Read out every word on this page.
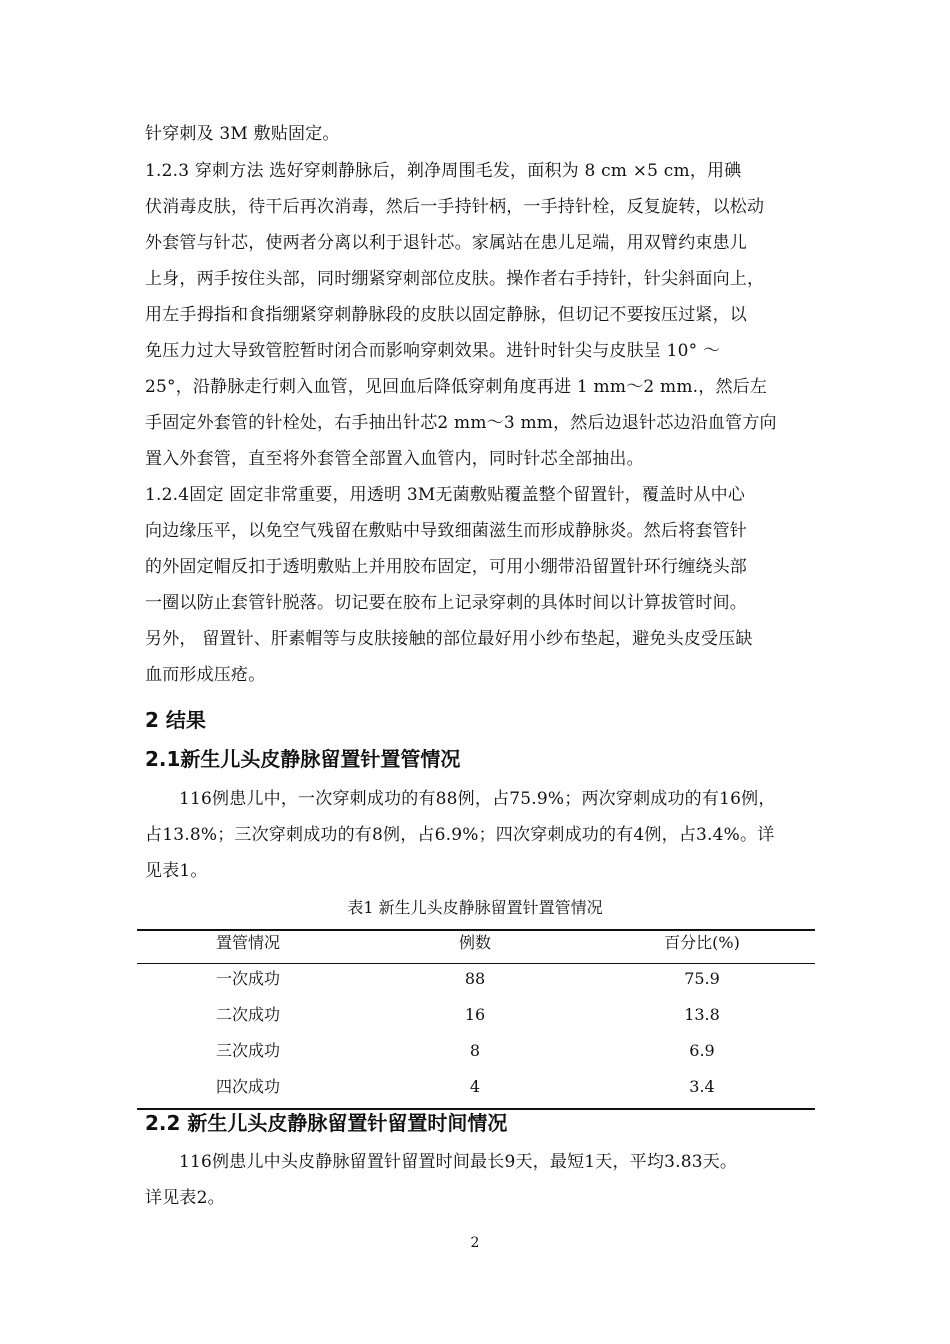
针穿刺及 3M 敷贴固定。
1.2.3 穿刺方法 选好穿刺静脉后，剃净周围毛发，面积为 8 cm ×5 cm，用碘
伏消毒皮肤，待干后再次消毒，然后一手持针柄，一手持针栓，反复旋转，以松动
外套管与针芯，使两者分离以利于退针芯。家属站在患儿足端，用双臂约束患儿
上身，两手按住头部，同时绷紧穿刺部位皮肤。操作者右手持针，针尖斜面向上，
用左手拇指和食指绷紧穿刺静脉段的皮肤以固定静脉，但切记不要按压过紧，以
免压力过大导致管腔暂时闭合而影响穿刺效果。进针时针尖与皮肤呈 10° ～
25°，沿静脉走行刺入血管，见回血后降低穿刺角度再进 1 mm～2 mm.，然后左
手固定外套管的针栓处，右手抽出针芯2 mm～3 mm，然后边退针芯边沿血管方向
置入外套管，直至将外套管全部置入血管内，同时针芯全部抽出。
1.2.4固定 固定非常重要，用透明 3M无菌敷贴覆盖整个留置针，覆盖时从中心
向边缘压平，以免空气残留在敷贴中导致细菌滋生而形成静脉炎。然后将套管针
的外固定帽反扣于透明敷贴上并用胶布固定，可用小绷带沿留置针环行缠绕头部
一圈以防止套管针脱落。切记要在胶布上记录穿刺的具体时间以计算拔管时间。
另外， 留置针、肝素帽等与皮肤接触的部位最好用小纱布垫起，避免头皮受压缺
血而形成压疮。
2 结果
2.1新生儿头皮静脉留置针置管情况
116例患儿中，一次穿刺成功的有88例，占75.9%；两次穿刺成功的有16例，
占13.8%；三次穿刺成功的有8例，占6.9%；四次穿刺成功的有4例，占3.4%。详
见表1。
表1 新生儿头皮静脉留置针置管情况
置管情况	例数	百分比(%)
一次成功	88	75.9
二次成功	16	13.8
三次成功	8	6.9
四次成功	4	3.4
2.2 新生儿头皮静脉留置针留置时间情况
116例患儿中头皮静脉留置针留置时间最长9天，最短1天，平均3.83天。
详见表2。
2
